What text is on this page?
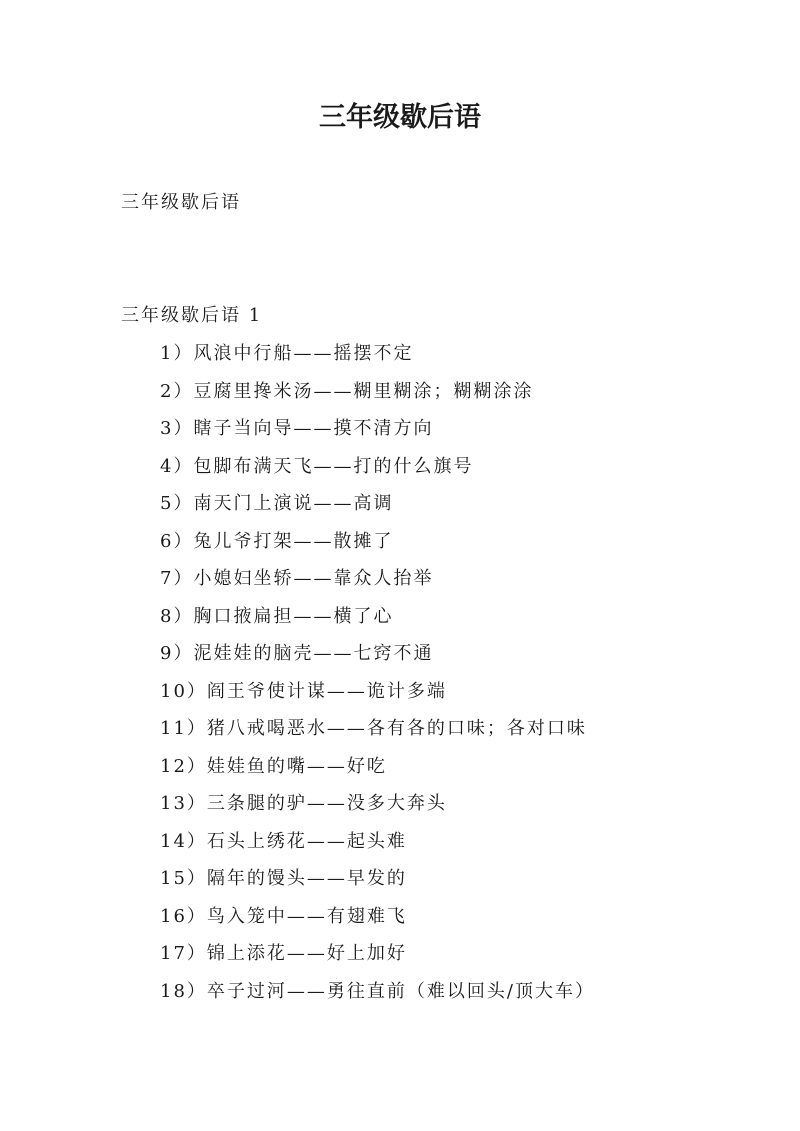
三年级歇后语

三年级歇后语

三年级歇后语 1

1）风浪中行船——摇摆不定
2）豆腐里搀米汤——糊里糊涂；糊糊涂涂
3）瞎子当向导——摸不清方向
4）包脚布满天飞——打的什么旗号
5）南天门上演说——高调
6）兔儿爷打架——散摊了
7）小媳妇坐轿——靠众人抬举
8）胸口掖扁担——横了心
9）泥娃娃的脑壳——七窍不通
10）阎王爷使计谋——诡计多端
11）猪八戒喝恶水——各有各的口味；各对口味
12）娃娃鱼的嘴——好吃
13）三条腿的驴——没多大奔头
14）石头上绣花——起头难
15）隔年的馒头——早发的
16）鸟入笼中——有翅难飞
17）锦上添花——好上加好
18）卒子过河——勇往直前（难以回头/顶大车）
